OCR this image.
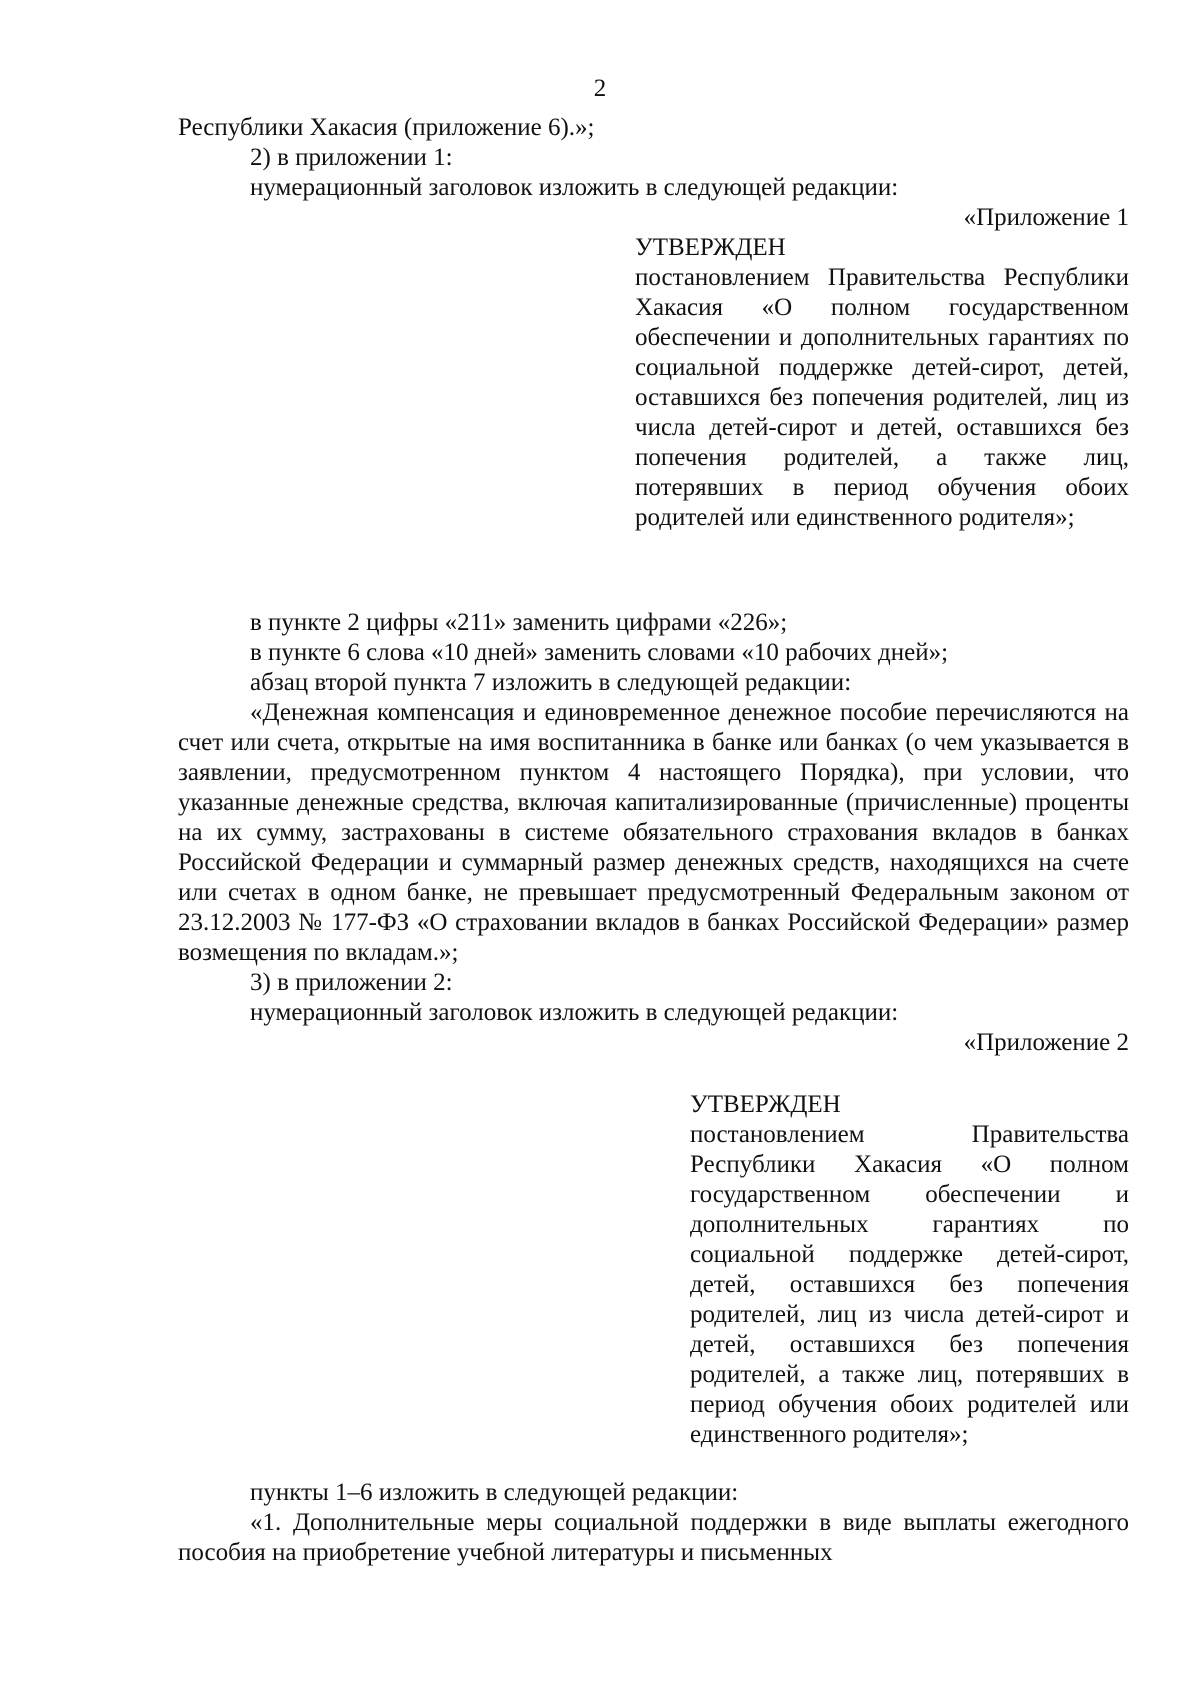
2

Республики Хакасия (приложение 6).»;

2) в приложении 1:

нумерационный заголовок изложить в следующей редакции:

«Приложение 1

УТВЕРЖДЕН

постановлением Правительства Республики Хакасия «О полном государственном обеспечении и дополнительных гарантиях по социальной поддержке детей-сирот, детей, оставшихся без попечения родителей, лиц из числа детей-сирот и детей, оставшихся без попечения родителей, а также лиц, потерявших в период обучения обоих родителей или единственного родителя»;

в пункте 2 цифры «211» заменить цифрами «226»;

в пункте 6 слова «10 дней» заменить словами «10 рабочих дней»;

абзац второй пункта 7 изложить в следующей редакции:

«Денежная компенсация и единовременное денежное пособие перечисляются на счет или счета, открытые на имя воспитанника в банке или банках (о чем указывается в заявлении, предусмотренном пунктом 4 настоящего Порядка), при условии, что указанные денежные средства, включая капитализированные (причисленные) проценты на их сумму, застрахованы в системе обязательного страхования вкладов в банках Российской Федерации и суммарный размер денежных средств, находящихся на счете или счетах в одном банке, не превышает предусмотренный Федеральным законом от 23.12.2003 № 177-ФЗ «О страховании вкладов в банках Российской Федерации» размер возмещения по вкладам.»;

3) в приложении 2:

нумерационный заголовок изложить в следующей редакции:

«Приложение 2

УТВЕРЖДЕН

постановлением Правительства Республики Хакасия «О полном государственном обеспечении и дополнительных гарантиях по социальной поддержке детей-сирот, детей, оставшихся без попечения родителей, лиц из числа детей-сирот и детей, оставшихся без попечения родителей, а также лиц, потерявших в период обучения обоих родителей или единственного родителя»;

пункты 1–6 изложить в следующей редакции:

«1. Дополнительные меры социальной поддержки в виде выплаты ежегодного пособия на приобретение учебной литературы и письменных
